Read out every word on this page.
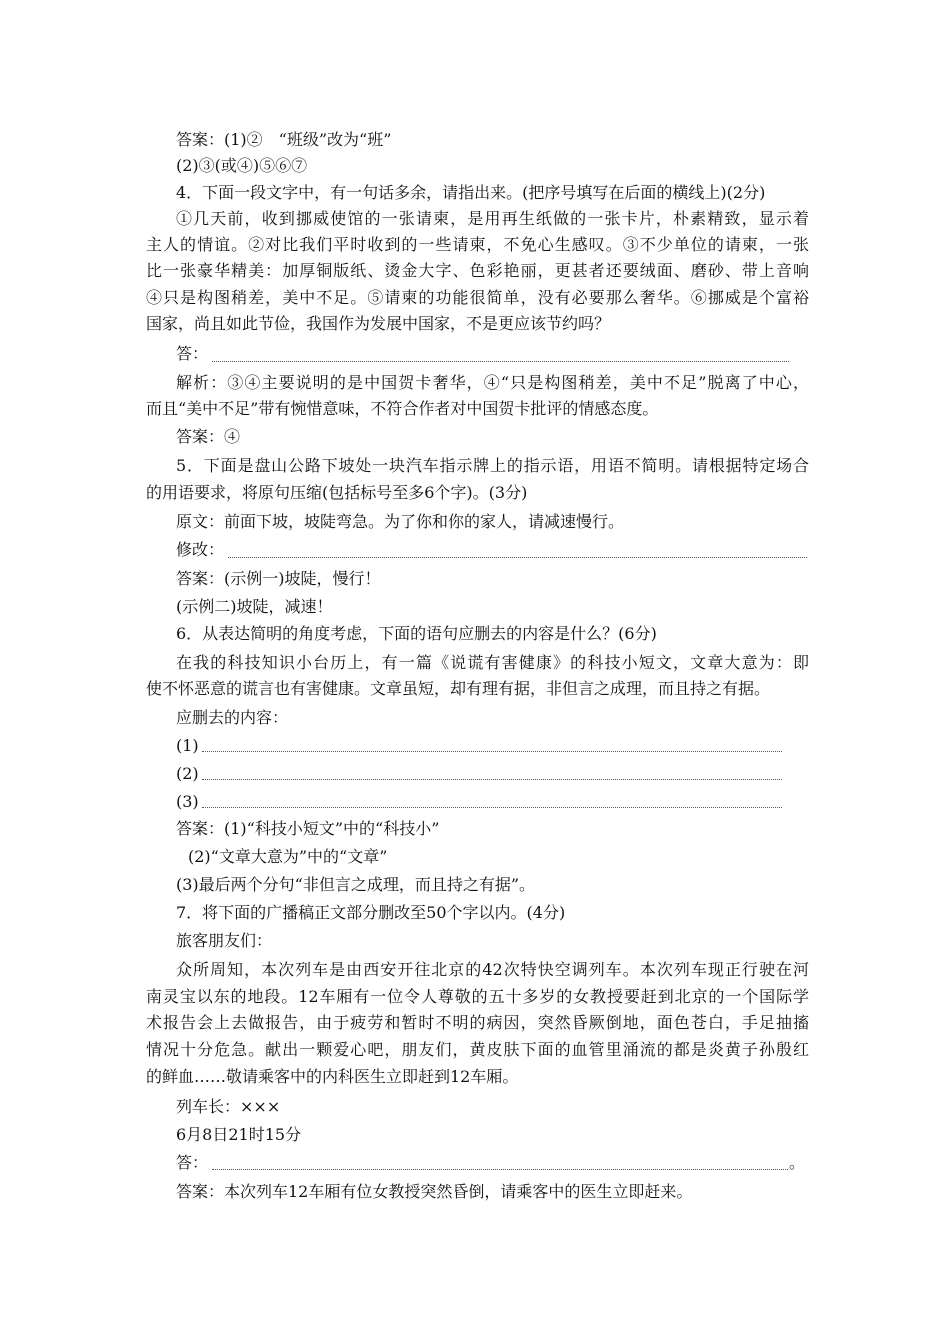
答案：(1)②　“班级”改为“班”
(2)③(或④)⑤⑥⑦
4．下面一段文字中，有一句话多余，请指出来。(把序号填写在后面的横线上)(2分)
①几天前，收到挪威使馆的一张请柬，是用再生纸做的一张卡片，朴素精致，显示着
主人的情谊。②对比我们平时收到的一些请柬，不免心生感叹。③不少单位的请柬，一张
比一张豪华精美：加厚铜版纸、烫金大字、色彩艳丽，更甚者还要绒面、磨砂、带上音响
④只是构图稍差，美中不足。⑤请柬的功能很简单，没有必要那么奢华。⑥挪威是个富裕
国家，尚且如此节俭，我国作为发展中国家，不是更应该节约吗？
答：
解析：③④主要说明的是中国贺卡奢华，④“只是构图稍差，美中不足”脱离了中心，
而且“美中不足”带有惋惜意味，不符合作者对中国贺卡批评的情感态度。
答案：④
5．下面是盘山公路下坡处一块汽车指示牌上的指示语，用语不简明。请根据特定场合
的用语要求，将原句压缩(包括标号至多6个字)。(3分)
原文：前面下坡，坡陡弯急。为了你和你的家人，请减速慢行。
修改：
答案：(示例一)坡陡，慢行！
(示例二)坡陡，减速！
6．从表达简明的角度考虑，下面的语句应删去的内容是什么？(6分)
在我的科技知识小台历上，有一篇《说谎有害健康》的科技小短文，文章大意为：即
使不怀恶意的谎言也有害健康。文章虽短，却有理有据，非但言之成理，而且持之有据。
应删去的内容：
(1)
(2)
(3)
答案：(1)“科技小短文”中的“科技小”
(2)“文章大意为”中的“文章”
(3)最后两个分句“非但言之成理，而且持之有据”。
7．将下面的广播稿正文部分删改至50个字以内。(4分)
旅客朋友们：
众所周知，本次列车是由西安开往北京的42次特快空调列车。本次列车现正行驶在河
南灵宝以东的地段。12车厢有一位令人尊敬的五十多岁的女教授要赶到北京的一个国际学
术报告会上去做报告，由于疲劳和暂时不明的病因，突然昏厥倒地，面色苍白，手足抽搐
情况十分危急。献出一颗爱心吧，朋友们，黄皮肤下面的血管里涌流的都是炎黄子孙殷红
的鲜血……敬请乘客中的内科医生立即赶到12车厢。
列车长：×××
6月8日21时15分
答：	。
答案：本次列车12车厢有位女教授突然昏倒，请乘客中的医生立即赶来。
